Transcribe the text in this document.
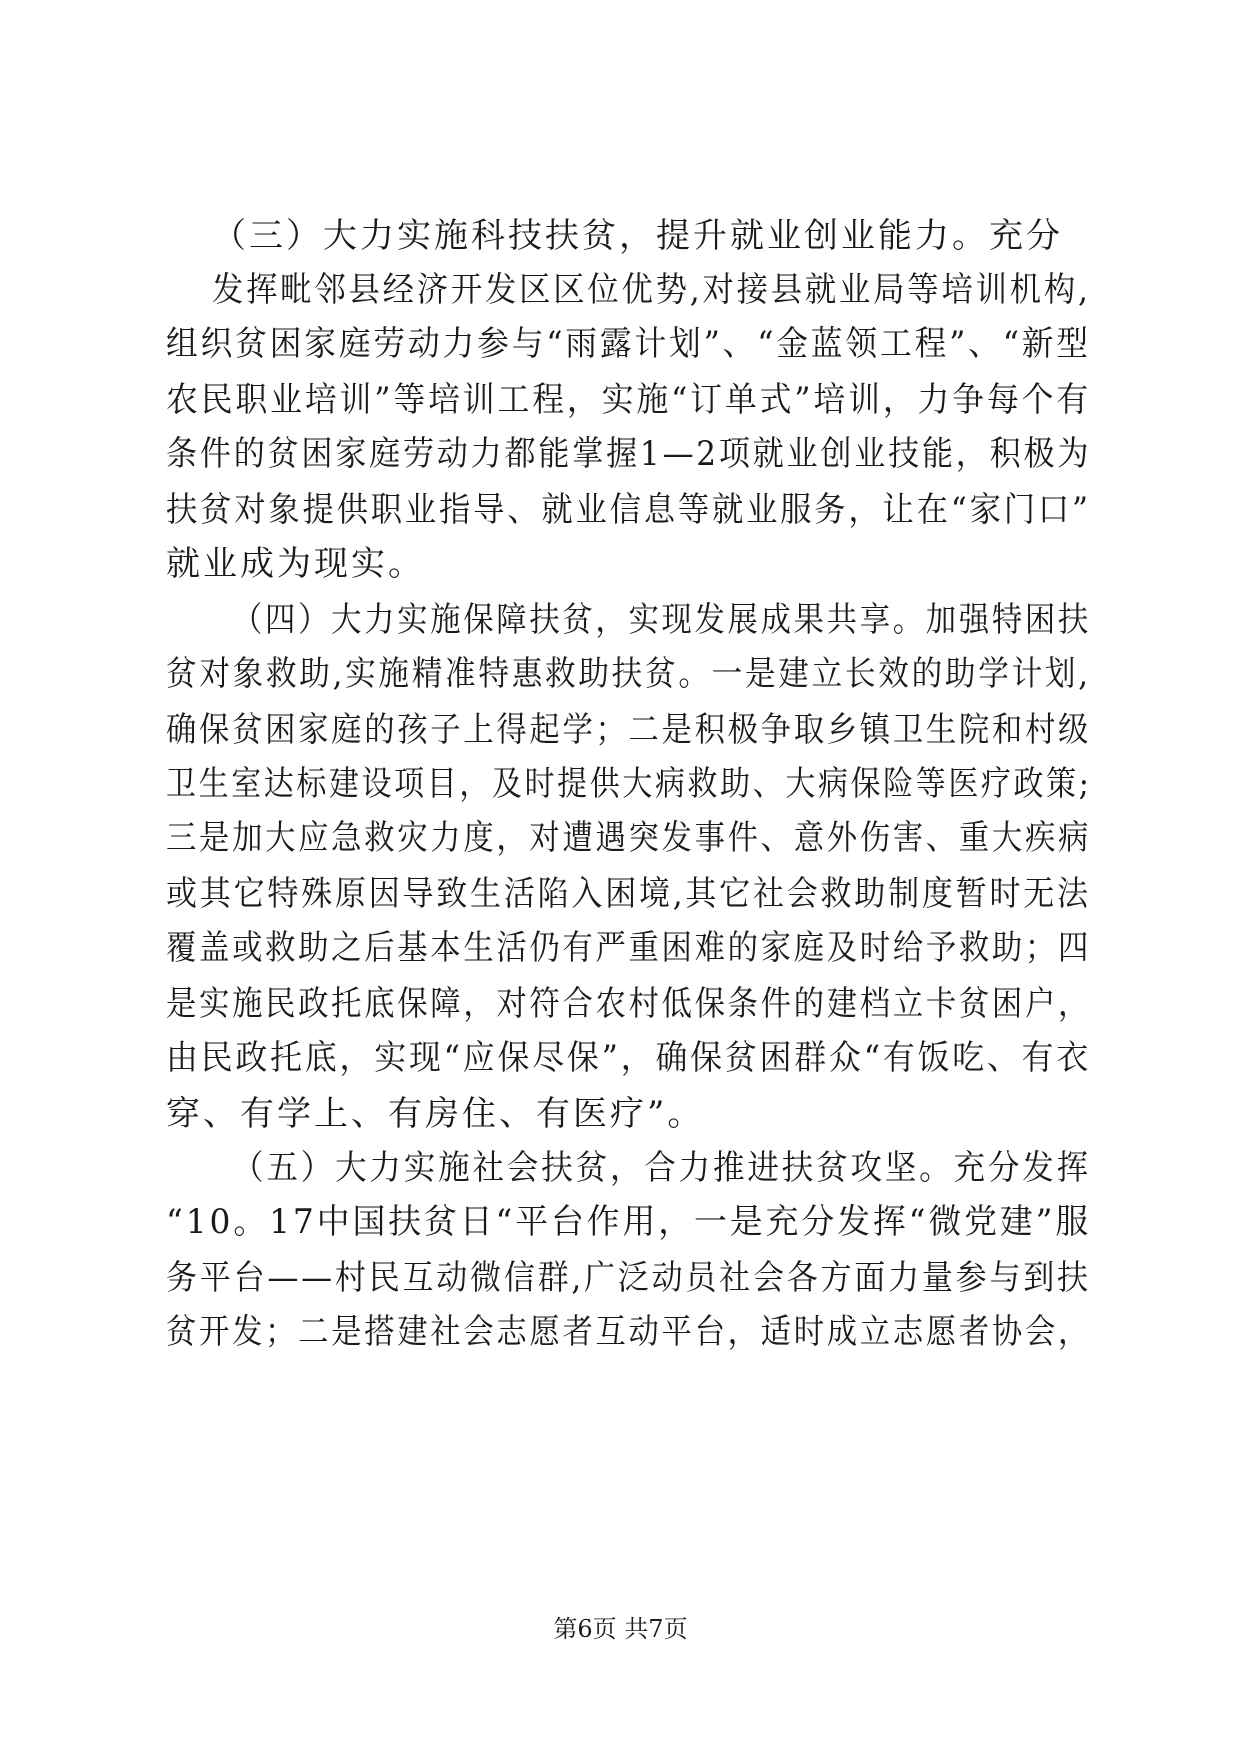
（三）大力实施科技扶贫，提升就业创业能力。充分
发挥毗邻县经济开发区区位优势,对接县就业局等培训机构,
组织贫困家庭劳动力参与“雨露计划”、“金蓝领工程”、“新型
农民职业培训”等培训工程，实施“订单式”培训，力争每个有
条件的贫困家庭劳动力都能掌握1—2项就业创业技能，积极为
扶贫对象提供职业指导、就业信息等就业服务，让在“家门口”
就业成为现实。
（四）大力实施保障扶贫，实现发展成果共享。加强特困扶
贫对象救助,实施精准特惠救助扶贫。一是建立长效的助学计划,
确保贫困家庭的孩子上得起学；二是积极争取乡镇卫生院和村级
卫生室达标建设项目，及时提供大病救助、大病保险等医疗政策;
三是加大应急救灾力度，对遭遇突发事件、意外伤害、重大疾病
或其它特殊原因导致生活陷入困境,其它社会救助制度暂时无法
覆盖或救助之后基本生活仍有严重困难的家庭及时给予救助；四
是实施民政托底保障，对符合农村低保条件的建档立卡贫困户，
由民政托底，实现“应保尽保”，确保贫困群众“有饭吃、有衣
穿、有学上、有房住、有医疗”。
（五）大力实施社会扶贫，合力推进扶贫攻坚。充分发挥
“10。17中国扶贫日“平台作用，一是充分发挥“微党建”服
务平台——村民互动微信群,广泛动员社会各方面力量参与到扶
贫开发；二是搭建社会志愿者互动平台，适时成立志愿者协会，
第6页 共7页
